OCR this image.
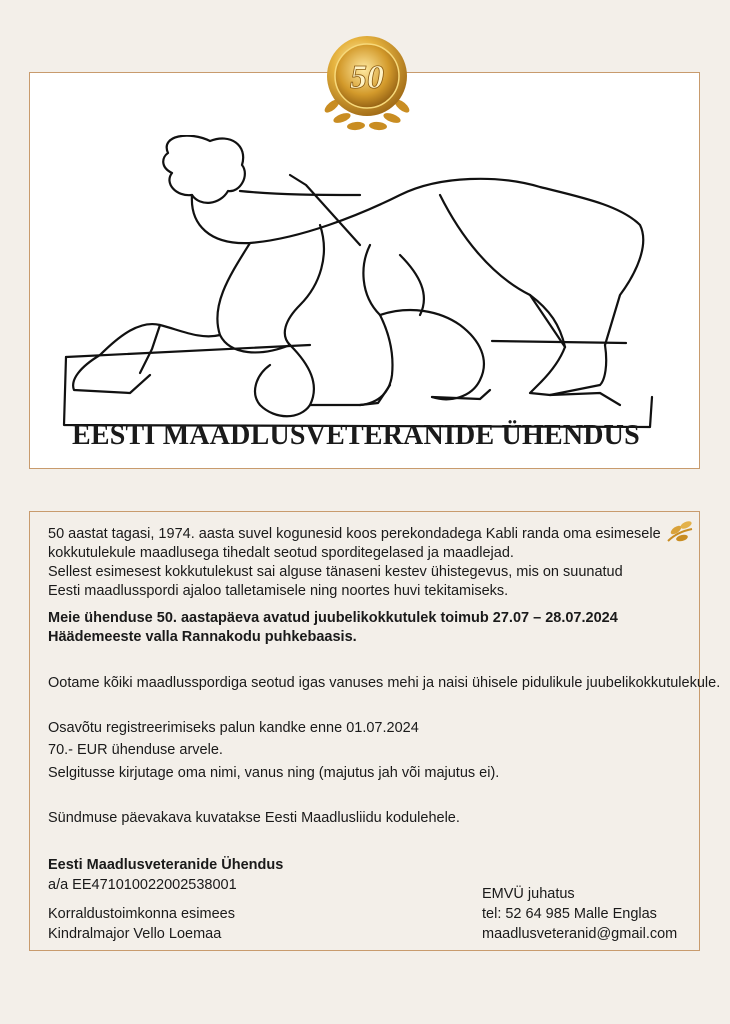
50
EESTI MAADLUSVETERANIDE ÜHENDUS
50 aastat tagasi, 1974. aasta suvel kogunesid koos perekondadega Kabli randa oma esimesele
kokkutulekule maadlusega tihedalt seotud sporditegelased ja maadlejad.
Sellest esimesest kokkutulekust sai alguse tänaseni kestev ühistegevus, mis on suunatud
Eesti maadlusspordi ajaloo talletamisele ning noortes huvi tekitamiseks.
Meie ühenduse 50. aastapäeva avatud juubelikokkutulek toimub 27.07 – 28.07.2024
Häädemeeste valla Rannakodu puhkebaasis.
Ootame kõiki maadlusspordiga seotud igas vanuses mehi ja naisi ühisele pidulikule juubelikokkutulekule.
Osavõtu registreerimiseks palun kandke enne 01.07.2024
70.- EUR ühenduse arvele.
Selgitusse kirjutage oma nimi, vanus ning (majutus jah või majutus ei).
Sündmuse päevakava kuvatakse Eesti Maadlusliidu kodulehele.
Eesti Maadlusveteranide Ühendus
a/a EE471010022002538001
Korraldustoimkonna esimees
Kindralmajor Vello Loemaa
EMVÜ juhatus
tel: 52 64 985 Malle Englas
maadlusveteranid@gmail.com
